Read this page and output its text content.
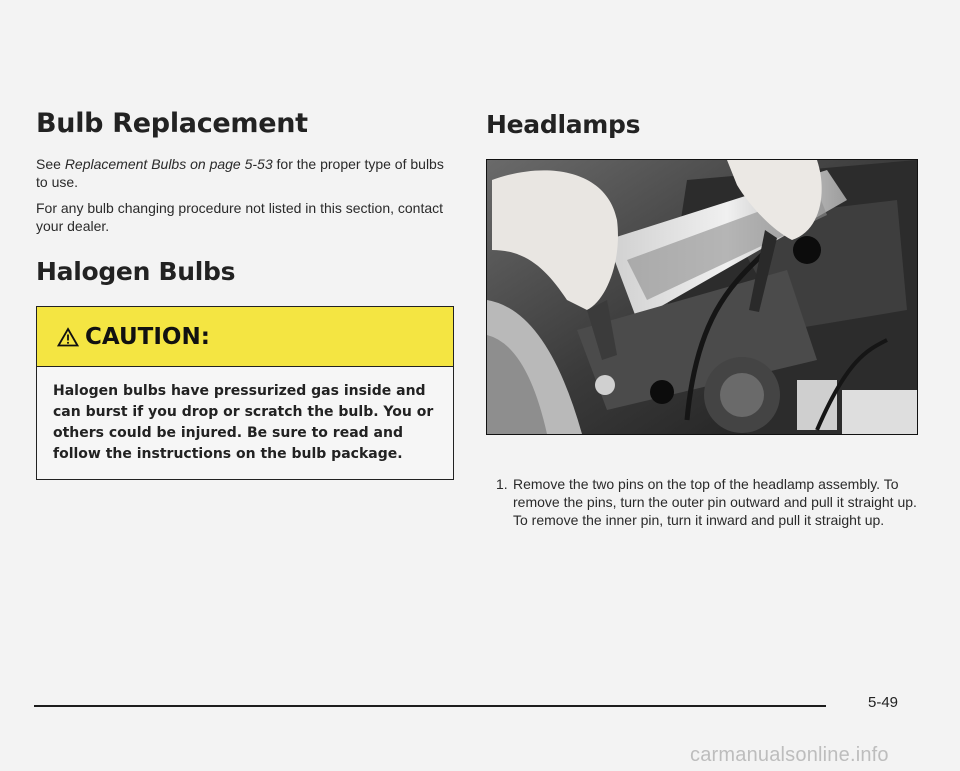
Bulb Replacement

See Replacement Bulbs on page 5-53 for the proper type of bulbs to use.

For any bulb changing procedure not listed in this section, contact your dealer.

Halogen Bulbs
CAUTION:

Halogen bulbs have pressurized gas inside and can burst if you drop or scratch the bulb. You or others could be injured. Be sure to read and follow the instructions on the bulb package.

Headlamps
1. Remove the two pins on the top of the headlamp assembly. To remove the pins, turn the outer pin outward and pull it straight up. To remove the inner pin, turn it inward and pull it straight up.
5-49
carmanualsonline.info
